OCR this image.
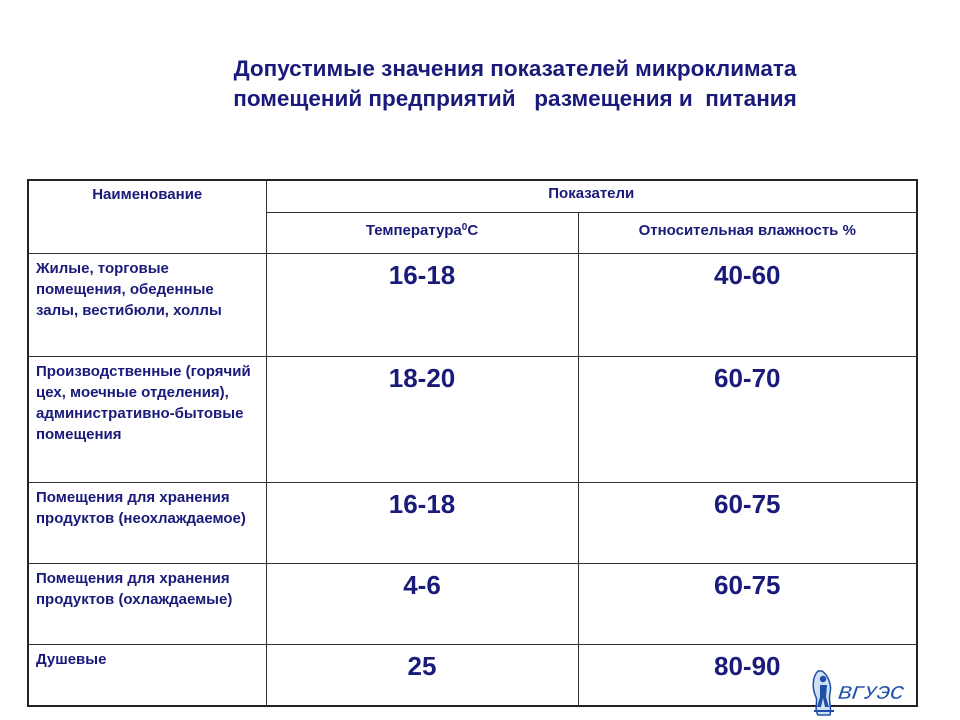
Допустимые значения показателей микроклимата
помещений предприятий   размещения и  питания
Наименование	Показатели	
	Температура$^0$С	Относительная влажность %
Жилые, торговые помещения, обеденные залы, вестибюли, холлы	16-18	40-60
Производственные (горячий цех, моечные отделения), административно-бытовые помещения	18-20	60-70
Помещения для хранения продуктов (неохлаждаемое)	16-18	60-75
Помещения для хранения продуктов (охлаждаемые)	4-6	60-75
Душевые	25	80-90
ВГУЭС
